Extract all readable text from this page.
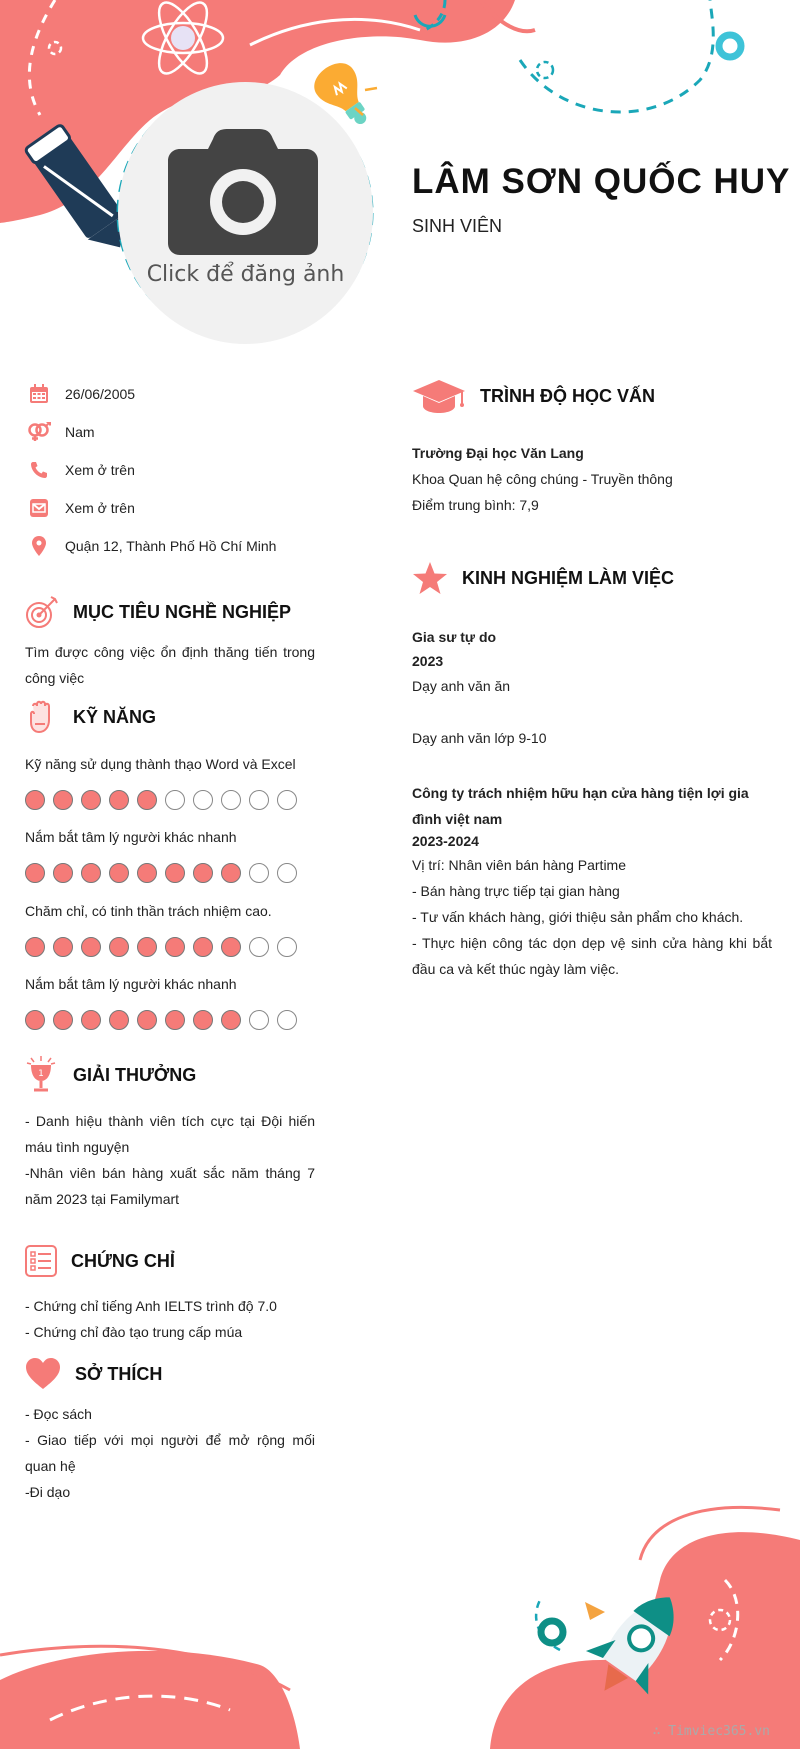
Click để đăng ảnh
LÂM SƠN QUỐC HUY
SINH VIÊN
26/06/2005
Nam
Xem ở trên
Xem ở trên
Quận 12, Thành Phố Hồ Chí Minh
MỤC TIÊU NGHỀ NGHIỆP
Tìm được công việc ổn định thăng tiến trong công việc
KỸ NĂNG
Kỹ năng sử dụng thành thạo Word và Excel
Nắm bắt tâm lý người khác nhanh
Chăm chỉ, có tinh thần trách nhiệm cao.
Nắm bắt tâm lý người khác nhanh
1 GIẢI THƯỞNG
- Danh hiệu thành viên tích cực tại Đội hiến máu tình nguyện
-Nhân viên bán hàng xuất sắc năm tháng 7 năm 2023 tại Familymart
CHỨNG CHỈ
- Chứng chỉ tiếng Anh IELTS trình độ 7.0
- Chứng chỉ đào tạo trung cấp múa
SỞ THÍCH
- Đọc sách
- Giao tiếp với mọi người để mở rộng mối quan hệ
-Đi dạo
TRÌNH ĐỘ HỌC VẤN
Trường Đại học Văn Lang
Khoa Quan hệ công chúng - Truyền thông
Điểm trung bình: 7,9
KINH NGHIỆM LÀM VIỆC
Gia sư tự do
2023
Dạy anh văn ăn
Dạy anh văn lớp 9-10
Công ty trách nhiệm hữu hạn cửa hàng tiện lợi gia đình việt nam
2023-2024
Vị trí: Nhân viên bán hàng Partime
- Bán hàng trực tiếp tại gian hàng
- Tư vấn khách hàng, giới thiệu sản phẩm cho khách.
- Thực hiện công tác dọn dẹp vệ sinh cửa hàng khi bắt đầu ca và kết thúc ngày làm việc.
∴ Timviec365.vn
